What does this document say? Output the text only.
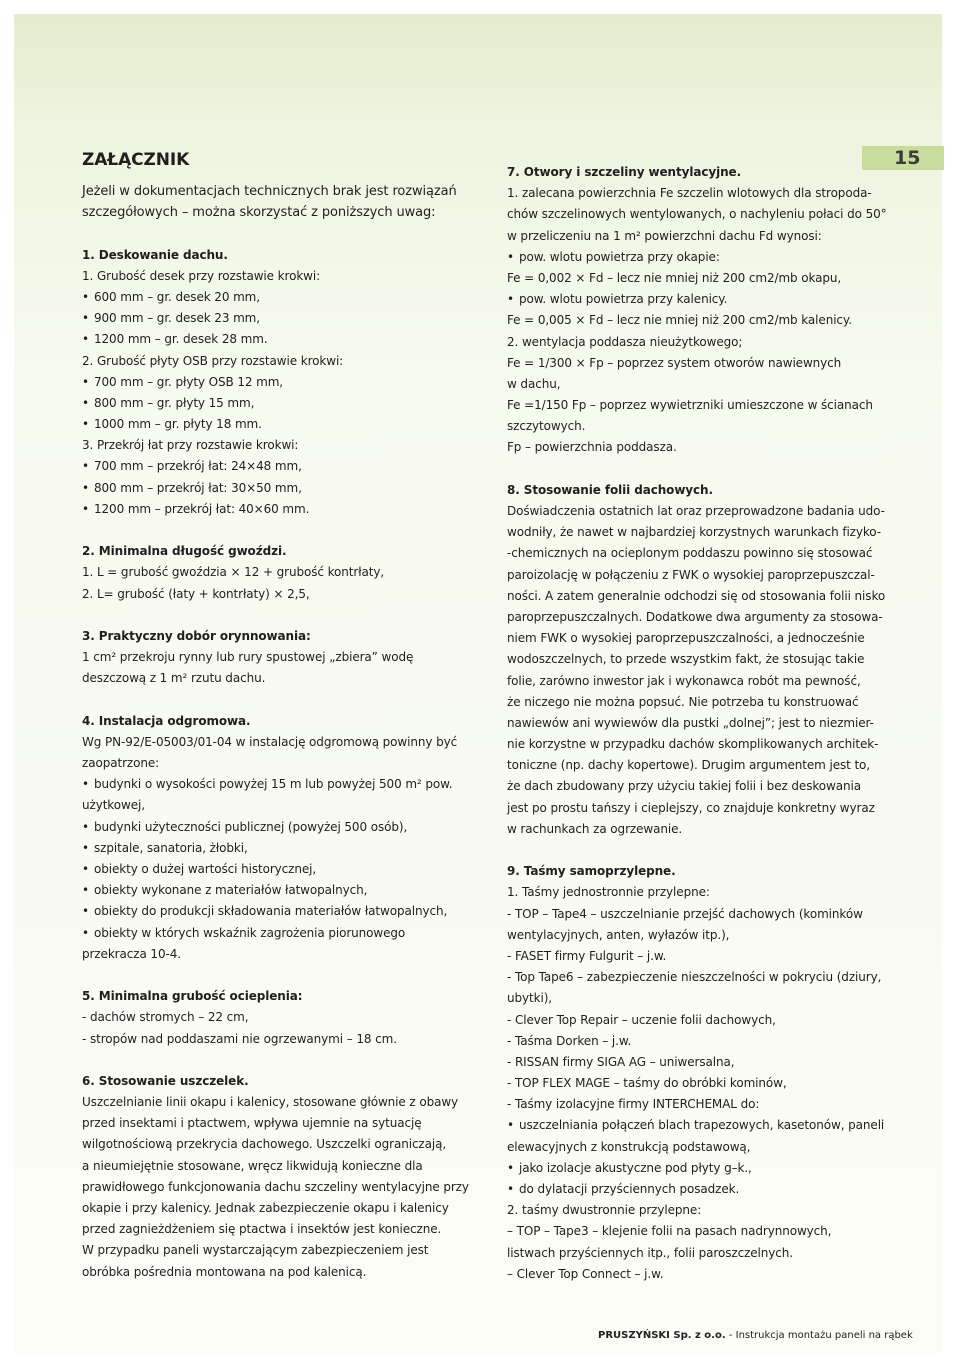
15
ZAŁĄCZNIK
Jeżeli w dokumentacjach technicznych brak jest rozwiązań
szczegółowych – można skorzystać z poniższych uwag:
1. Deskowanie dachu.
1. Grubość desek przy rozstawie krokwi:
• 600 mm – gr. desek 20 mm,
• 900 mm – gr. desek 23 mm,
• 1200 mm – gr. desek 28 mm.
2. Grubość płyty OSB przy rozstawie krokwi:
• 700 mm – gr. płyty OSB 12 mm,
• 800 mm – gr. płyty 15 mm,
• 1000 mm – gr. płyty 18 mm.
3. Przekrój łat przy rozstawie krokwi:
• 700 mm – przekrój łat: 24×48 mm,
• 800 mm – przekrój łat: 30×50 mm,
• 1200 mm – przekrój łat: 40×60 mm.
2. Minimalna długość gwoździ.
1. L = grubość gwoździa × 12 + grubość kontrłaty,
2. L= grubość (łaty + kontrłaty) × 2,5,
3. Praktyczny dobór orynnowania:
1 cm² przekroju rynny lub rury spustowej „zbiera” wodę
deszczową z 1 m² rzutu dachu.
4. Instalacja odgromowa.
Wg PN-92/E-05003/01-04 w instalację odgromową powinny być
zaopatrzone:
• budynki o wysokości powyżej 15 m lub powyżej 500 m² pow.
użytkowej,
• budynki użyteczności publicznej (powyżej 500 osób),
• szpitale, sanatoria, żłobki,
• obiekty o dużej wartości historycznej,
• obiekty wykonane z materiałów łatwopalnych,
• obiekty do produkcji składowania materiałów łatwopalnych,
• obiekty w których wskaźnik zagrożenia piorunowego
przekracza 10-4.
5. Minimalna grubość ocieplenia:
- dachów stromych – 22 cm,
- stropów nad poddaszami nie ogrzewanymi – 18 cm.
6. Stosowanie uszczelek.
Uszczelnianie linii okapu i kalenicy, stosowane głównie z obawy
przed insektami i ptactwem, wpływa ujemnie na sytuację
wilgotnościową przekrycia dachowego. Uszczelki ograniczają,
a nieumiejętnie stosowane, wręcz likwidują konieczne dla
prawidłowego funkcjonowania dachu szczeliny wentylacyjne przy
okapie i przy kalenicy. Jednak zabezpieczenie okapu i kalenicy
przed zagnieżdżeniem się ptactwa i insektów jest konieczne.
W przypadku paneli wystarczającym zabezpieczeniem jest
obróbka pośrednia montowana na pod kalenicą.
7. Otwory i szczeliny wentylacyjne.
1. zalecana powierzchnia Fe szczelin wlotowych dla stropoda-
chów szczelinowych wentylowanych, o nachyleniu połaci do 50°
w przeliczeniu na 1 m² powierzchni dachu Fd wynosi:
• pow. wlotu powietrza przy okapie:
Fe = 0,002 × Fd – lecz nie mniej niż 200 cm2/mb okapu,
• pow. wlotu powietrza przy kalenicy.
Fe = 0,005 × Fd – lecz nie mniej niż 200 cm2/mb kalenicy.
2. wentylacja poddasza nieużytkowego;
Fe = 1/300 × Fp – poprzez system otworów nawiewnych
w dachu,
Fe =1/150 Fp – poprzez wywietrzniki umieszczone w ścianach
szczytowych.
Fp – powierzchnia poddasza.
8. Stosowanie folii dachowych.
Doświadczenia ostatnich lat oraz przeprowadzone badania udo-
wodniły, że nawet w najbardziej korzystnych warunkach fizyko-
-chemicznych na ocieplonym poddaszu powinno się stosować
paroizolację w połączeniu z FWK o wysokiej paroprzepuszczal-
ności. A zatem generalnie odchodzi się od stosowania folii nisko
paroprzepuszczalnych. Dodatkowe dwa argumenty za stosowa-
niem FWK o wysokiej paroprzepuszczalności, a jednocześnie
wodoszczelnych, to przede wszystkim fakt, że stosując takie
folie, zarówno inwestor jak i wykonawca robót ma pewność,
że niczego nie można popsuć. Nie potrzeba tu konstruować
nawiewów ani wywiewów dla pustki „dolnej”; jest to niezmier-
nie korzystne w przypadku dachów skomplikowanych architek-
toniczne (np. dachy kopertowe). Drugim argumentem jest to,
że dach zbudowany przy użyciu takiej folii i bez deskowania
jest po prostu tańszy i cieplejszy, co znajduje konkretny wyraz
w rachunkach za ogrzewanie.
9. Taśmy samoprzylepne.
1. Taśmy jednostronnie przylepne:
- TOP – Tape4 – uszczelnianie przejść dachowych (kominków
wentylacyjnych, anten, wyłazów itp.),
- FASET firmy Fulgurit – j.w.
- Top Tape6 – zabezpieczenie nieszczelności w pokryciu (dziury,
ubytki),
- Clever Top Repair – uczenie folii dachowych,
- Taśma Dorken – j.w.
- RISSAN firmy SIGA AG – uniwersalna,
- TOP FLEX MAGE – taśmy do obróbki kominów,
- Taśmy izolacyjne firmy INTERCHEMAL do:
• uszczelniania połączeń blach trapezowych, kasetonów, paneli
elewacyjnych z konstrukcją podstawową,
• jako izolacje akustyczne pod płyty g–k.,
• do dylatacji przyściennych posadzek.
2. taśmy dwustronnie przylepne:
– TOP – Tape3 – klejenie folii na pasach nadrynnowych,
listwach przyściennych itp., folii paroszczelnych.
– Clever Top Connect – j.w.
PRUSZYŃSKI Sp. z o.o. - Instrukcja montażu paneli na rąbek
